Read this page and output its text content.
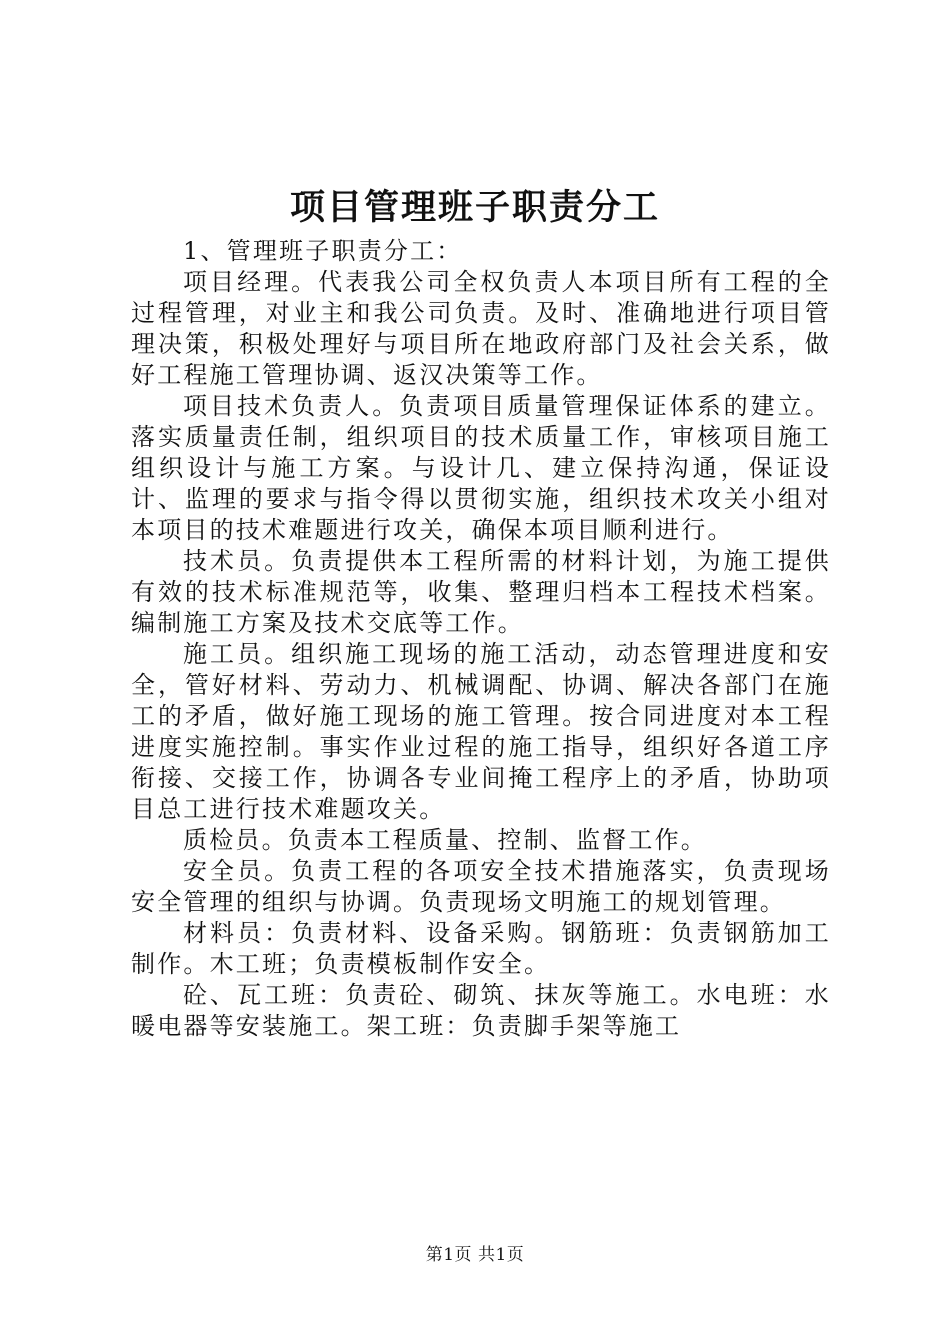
项目管理班子职责分工

1、管理班子职责分工：

项目经理。代表我公司全权负责人本项目所有工程的全过程管理，对业主和我公司负责。及时、准确地进行项目管理决策，积极处理好与项目所在地政府部门及社会关系，做好工程施工管理协调、返汉决策等工作。

项目技术负责人。负责项目质量管理保证体系的建立。落实质量责任制，组织项目的技术质量工作，审核项目施工组织设计与施工方案。与设计几、建立保持沟通，保证设计、监理的要求与指令得以贯彻实施，组织技术攻关小组对本项目的技术难题进行攻关，确保本项目顺利进行。

技术员。负责提供本工程所需的材料计划，为施工提供有效的技术标准规范等，收集、整理归档本工程技术档案。编制施工方案及技术交底等工作。

施工员。组织施工现场的施工活动，动态管理进度和安全，管好材料、劳动力、机械调配、协调、解决各部门在施工的矛盾，做好施工现场的施工管理。按合同进度对本工程进度实施控制。事实作业过程的施工指导，组织好各道工序衔接、交接工作，协调各专业间掩工程序上的矛盾，协助项目总工进行技术难题攻关。

质检员。负责本工程质量、控制、监督工作。

安全员。负责工程的各项安全技术措施落实，负责现场安全管理的组织与协调。负责现场文明施工的规划管理。

材料员：负责材料、设备采购。钢筋班：负责钢筋加工制作。木工班；负责模板制作安全。

砼、瓦工班：负责砼、砌筑、抹灰等施工。水电班：水暖电器等安装施工。架工班：负责脚手架等施工

第1页 共1页
